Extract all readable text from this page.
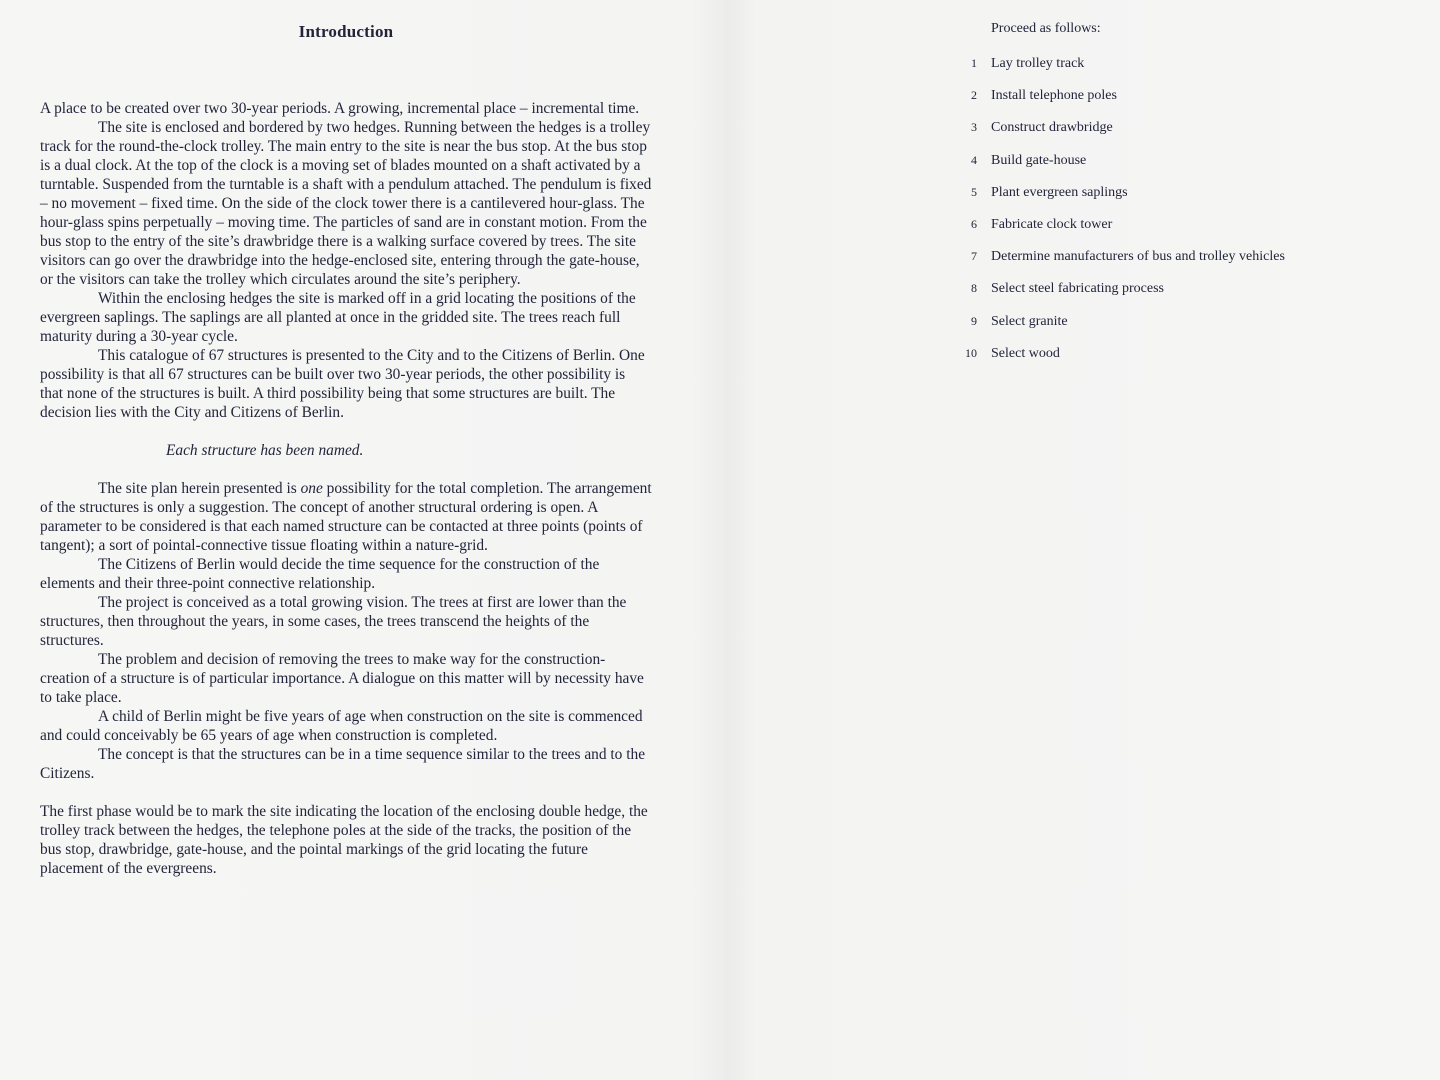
Introduction

A place to be created over two 30-year periods. A growing, incremental place – incremental time.

The site is enclosed and bordered by two hedges. Running between the hedges is a trolley track for the round-the-clock trolley. The main entry to the site is near the bus stop. At the bus stop is a dual clock. At the top of the clock is a moving set of blades mounted on a shaft activated by a turntable. Suspended from the turntable is a shaft with a pendulum attached. The pendulum is fixed – no movement – fixed time. On the side of the clock tower there is a cantilevered hour-glass. The hour-glass spins perpetually – moving time. The particles of sand are in constant motion. From the bus stop to the entry of the site’s drawbridge there is a walking surface covered by trees. The site visitors can go over the drawbridge into the hedge-enclosed site, entering through the gate-house, or the visitors can take the trolley which circulates around the site’s periphery.

Within the enclosing hedges the site is marked off in a grid locating the positions of the evergreen saplings. The saplings are all planted at once in the gridded site. The trees reach full maturity during a 30-year cycle.

This catalogue of 67 structures is presented to the City and to the Citizens of Berlin. One possibility is that all 67 structures can be built over two 30-year periods, the other possibility is that none of the structures is built. A third possibility being that some structures are built. The decision lies with the City and Citizens of Berlin.

Each structure has been named.

The site plan herein presented is one possibility for the total completion. The arrangement of the structures is only a suggestion. The concept of another structural ordering is open. A parameter to be considered is that each named structure can be contacted at three points (points of tangent); a sort of pointal-connective tissue floating within a nature-grid.

The Citizens of Berlin would decide the time sequence for the construction of the elements and their three-point connective relationship.

The project is conceived as a total growing vision. The trees at first are lower than the structures, then throughout the years, in some cases, the trees transcend the heights of the structures.

The problem and decision of removing the trees to make way for the construction-creation of a structure is of particular importance. A dialogue on this matter will by necessity have to take place.

A child of Berlin might be five years of age when construction on the site is commenced and could conceivably be 65 years of age when construction is completed.

The concept is that the structures can be in a time sequence similar to the trees and to the Citizens.

The first phase would be to mark the site indicating the location of the enclosing double hedge, the trolley track between the hedges, the telephone poles at the side of the tracks, the position of the bus stop, drawbridge, gate-house, and the pointal markings of the grid locating the future placement of the evergreens.

Proceed as follows:
1 Lay trolley track
2 Install telephone poles
3 Construct drawbridge
4 Build gate-house
5 Plant evergreen saplings
6 Fabricate clock tower
7 Determine manufacturers of bus and trolley vehicles
8 Select steel fabricating process
9 Select granite
10 Select wood
